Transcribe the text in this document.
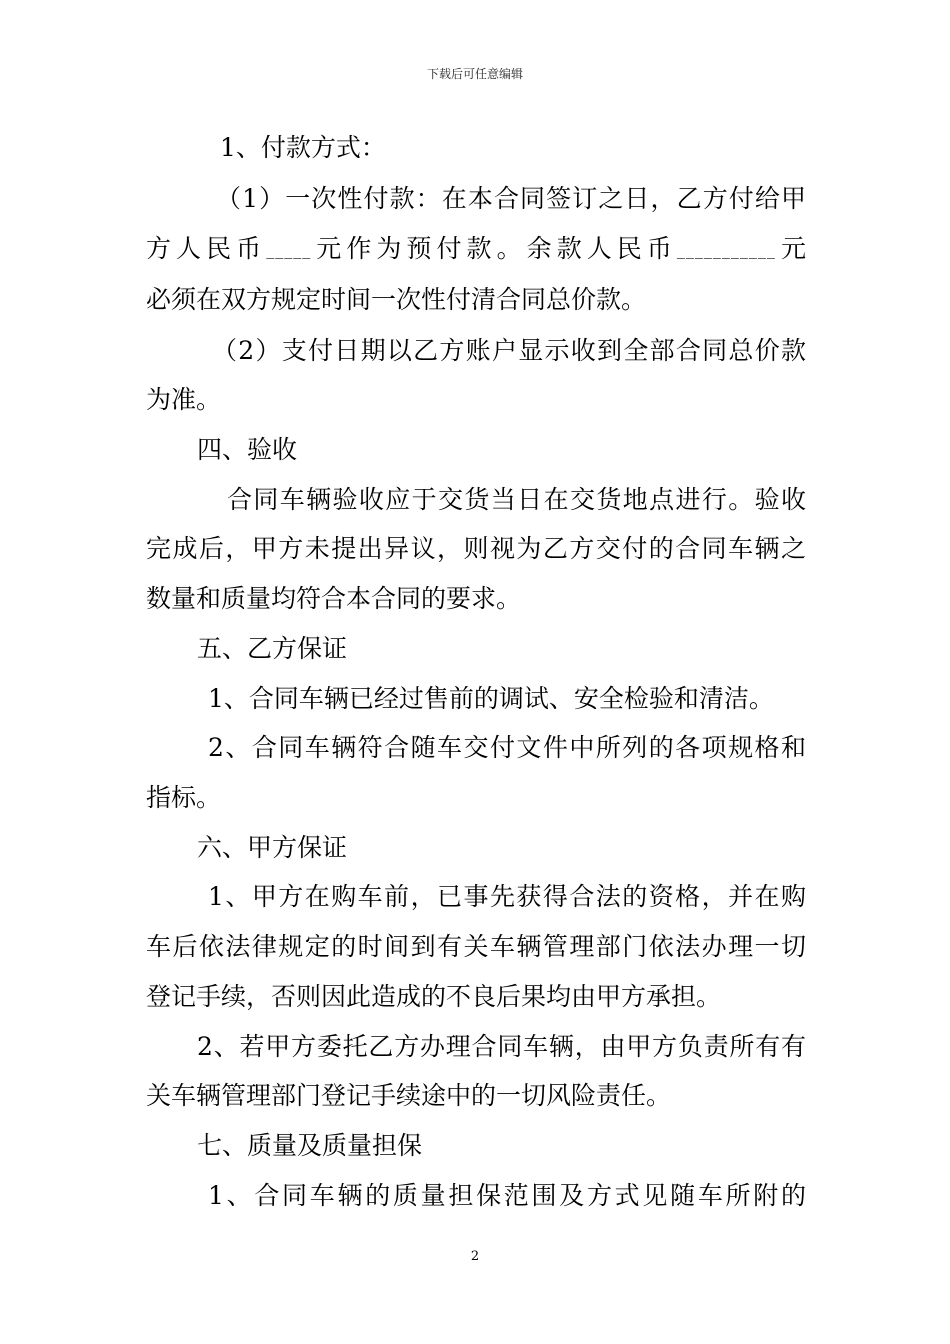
下载后可任意编辑
1、付款方式：
（1）一次性付款：在本合同签订之日，乙方付给甲
方人民币_____元作为预付款。余款人民币___________元
必须在双方规定时间一次性付清合同总价款。
（2）支付日期以乙方账户显示收到全部合同总价款
为准。
四、验收
合同车辆验收应于交货当日在交货地点进行。验收
完成后，甲方未提出异议，则视为乙方交付的合同车辆之
数量和质量均符合本合同的要求。
五、乙方保证
1、合同车辆已经过售前的调试、安全检验和清洁。
2、合同车辆符合随车交付文件中所列的各项规格和
指标。
六、甲方保证
1、甲方在购车前，已事先获得合法的资格，并在购
车后依法律规定的时间到有关车辆管理部门依法办理一切
登记手续，否则因此造成的不良后果均由甲方承担。
2、若甲方委托乙方办理合同车辆，由甲方负责所有有
关车辆管理部门登记手续途中的一切风险责任。
七、质量及质量担保
1、合同车辆的质量担保范围及方式见随车所附的
2
